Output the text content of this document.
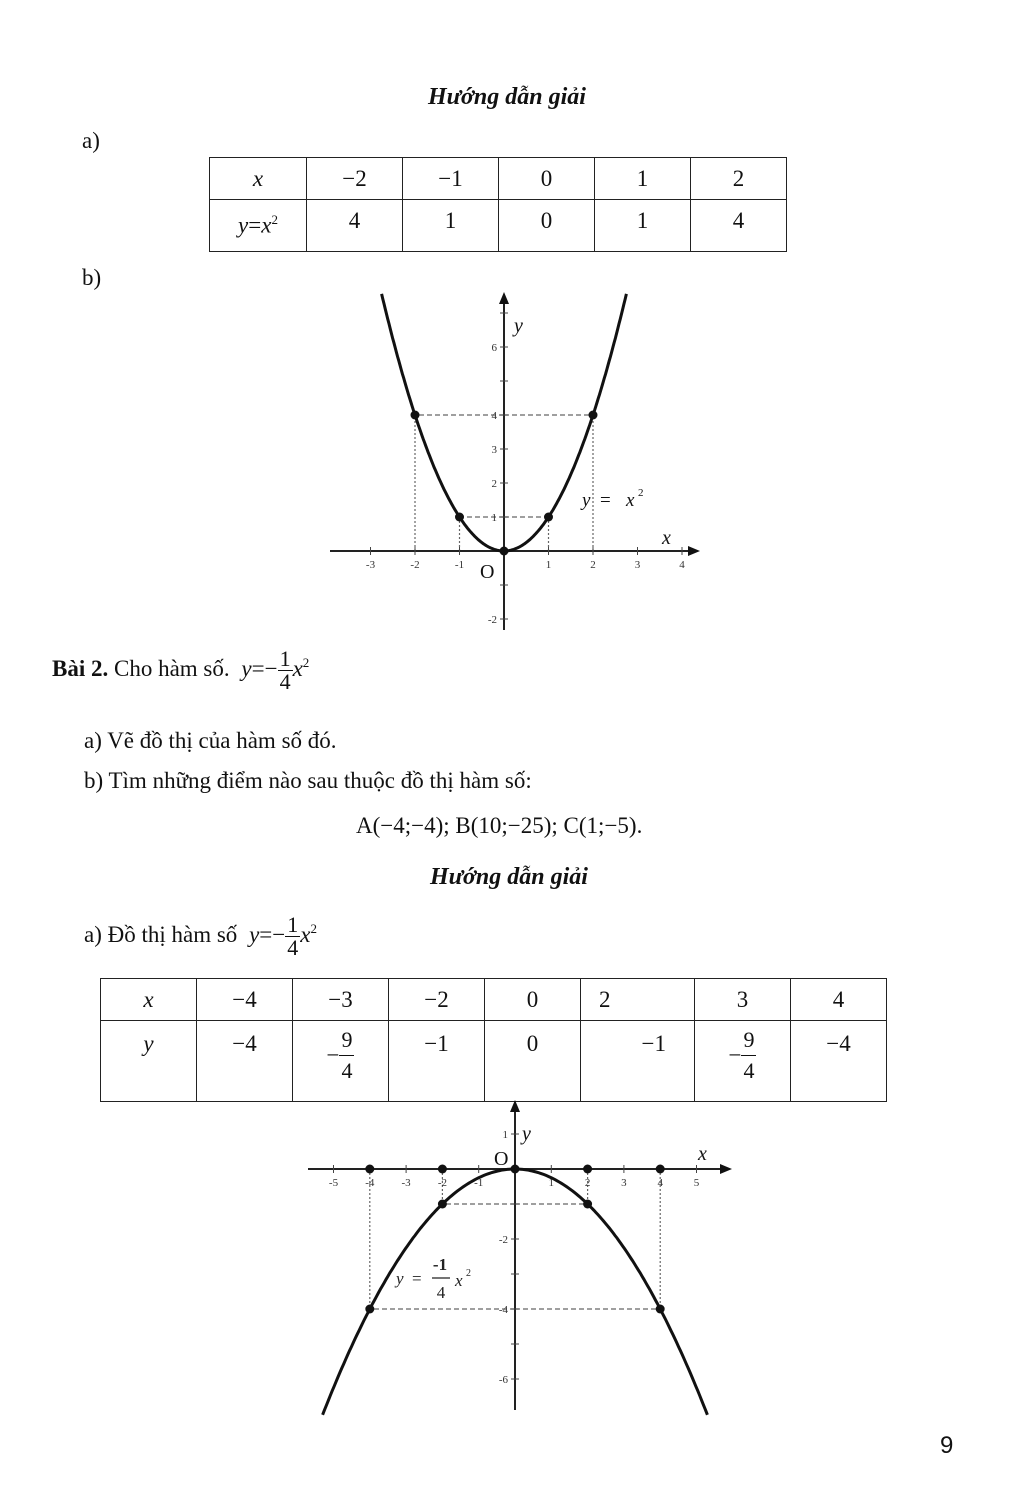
Hướng dẫn giải
a)
x	−2	−1	0	1	2
$y=x^2$	4	1	0	1	4
b)
-3	-2	-1	1	2	3	4
-2
1
2
3
4
6
x
y
O
y = x 2
Bài 2. Cho hàm số. $y=- \frac{1}{4} x^2$
a) Vẽ đồ thị của hàm số đó.
b) Tìm những điểm nào sau thuộc đồ thị hàm số:
A(−4;−4); B(10;−25); C(1;−5).
Hướng dẫn giải
a) Đồ thị hàm số $y=- \frac{1}{4} x^2$
x	−4	−3	−2	0	2	3	4
y	−4	− $\frac{9}{4}$	−1	0	−1	− $\frac{9}{4}$	−4
-5 -4 -3 -2 -1	1	2	3	4	5
1
-2
-4
-6
x
y
O
y =
-1
4
x 2
9
